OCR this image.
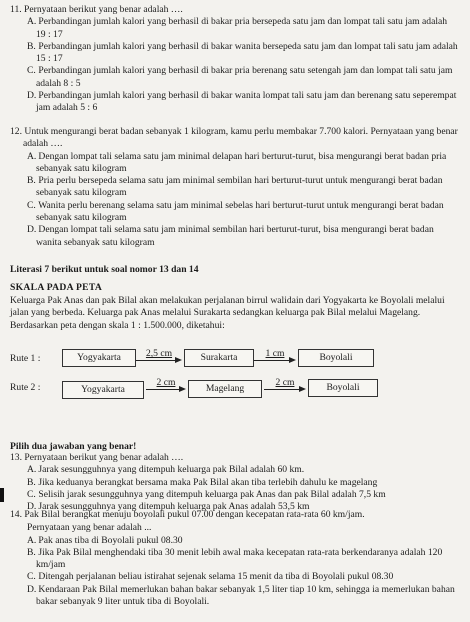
11. Pernyataan berikut yang benar adalah ….
A. Perbandingan jumlah kalori yang berhasil di bakar pria bersepeda satu jam dan lompat tali satu jam adalah 19 : 17
B. Perbandingan jumlah kalori yang berhasil di bakar wanita bersepeda satu jam dan lompat tali satu jam adalah 15 : 17
C. Perbandingan jumlah kalori yang berhasil di bakar pria berenang satu setengah jam dan lompat tali satu jam adalah 8 : 5
D. Perbandingan jumlah kalori yang berhasil di bakar wanita lompat tali satu jam dan berenang satu seperempat jam adalah 5 : 6
12. Untuk mengurangi berat badan sebanyak 1 kilogram, kamu perlu membakar 7.700 kalori. Pernyataan yang benar adalah ….
A. Dengan lompat tali selama satu jam minimal delapan hari berturut-turut, bisa mengurangi berat badan pria sebanyak satu kilogram
B. Pria perlu bersepeda selama satu jam minimal sembilan hari berturut-turut untuk mengurangi berat badan sebanyak satu kilogram
C. Wanita perlu berenang selama satu jam minimal sebelas hari berturut-turut untuk mengurangi berat badan sebanyak satu kilogram
D. Dengan lompat tali selama satu jam minimal sembilan hari berturut-turut, bisa mengurangi berat badan wanita sebanyak satu kilogram
Literasi 7 berikut untuk soal nomor 13 dan 14
SKALA PADA PETA
Keluarga Pak Anas dan pak Bilal akan melakukan perjalanan birrul walidain dari Yogyakarta ke Boyolali melalui jalan yang berbeda. Keluarga pak Anas melalui Surakarta sedangkan keluarga pak Bilal melalui Magelang. Berdasarkan peta dengan skala 1 : 1.500.000, diketahui:
Rute 1 :	Yogyakarta	2,5 cm	Surakarta	1 cm	Boyolali
Rute 2 :	Yogyakarta
2 cm
Magelang
2 cm	Boyolali
Pilih dua jawaban yang benar!
13. Pernyataan berikut yang benar adalah ….
A. Jarak sesungguhnya yang ditempuh keluarga pak Bilal adalah 60 km.
B. Jika keduanya berangkat bersama maka Pak Bilal akan tiba terlebih dahulu ke magelang
C. Selisih jarak sesungguhnya yang ditempuh keluarga pak Anas dan pak Bilal adalah 7,5 km
D. Jarak sesungguhnya yang ditempuh keluarga pak Anas adalah 53,5 km
14. Pak Bilal berangkat menuju boyolali pukul 07.00 dengan kecepatan rata-rata 60 km/jam.
Pernyataan yang benar adalah ...
A. Pak anas tiba di Boyolali pukul 08.30
B. Jika Pak Bilal menghendaki tiba 30 menit lebih awal maka kecepatan rata-rata berkendaranya adalah 120 km/jam
C. Ditengah perjalanan beliau istirahat sejenak selama 15 menit da tiba di Boyolali pukul 08.30
D. Kendaraan Pak Bilal memerlukan bahan bakar sebanyak 1,5 liter tiap 10 km, sehingga ia memerlukan bahan bakar sebanyak 9 liter untuk tiba di Boyolali.
